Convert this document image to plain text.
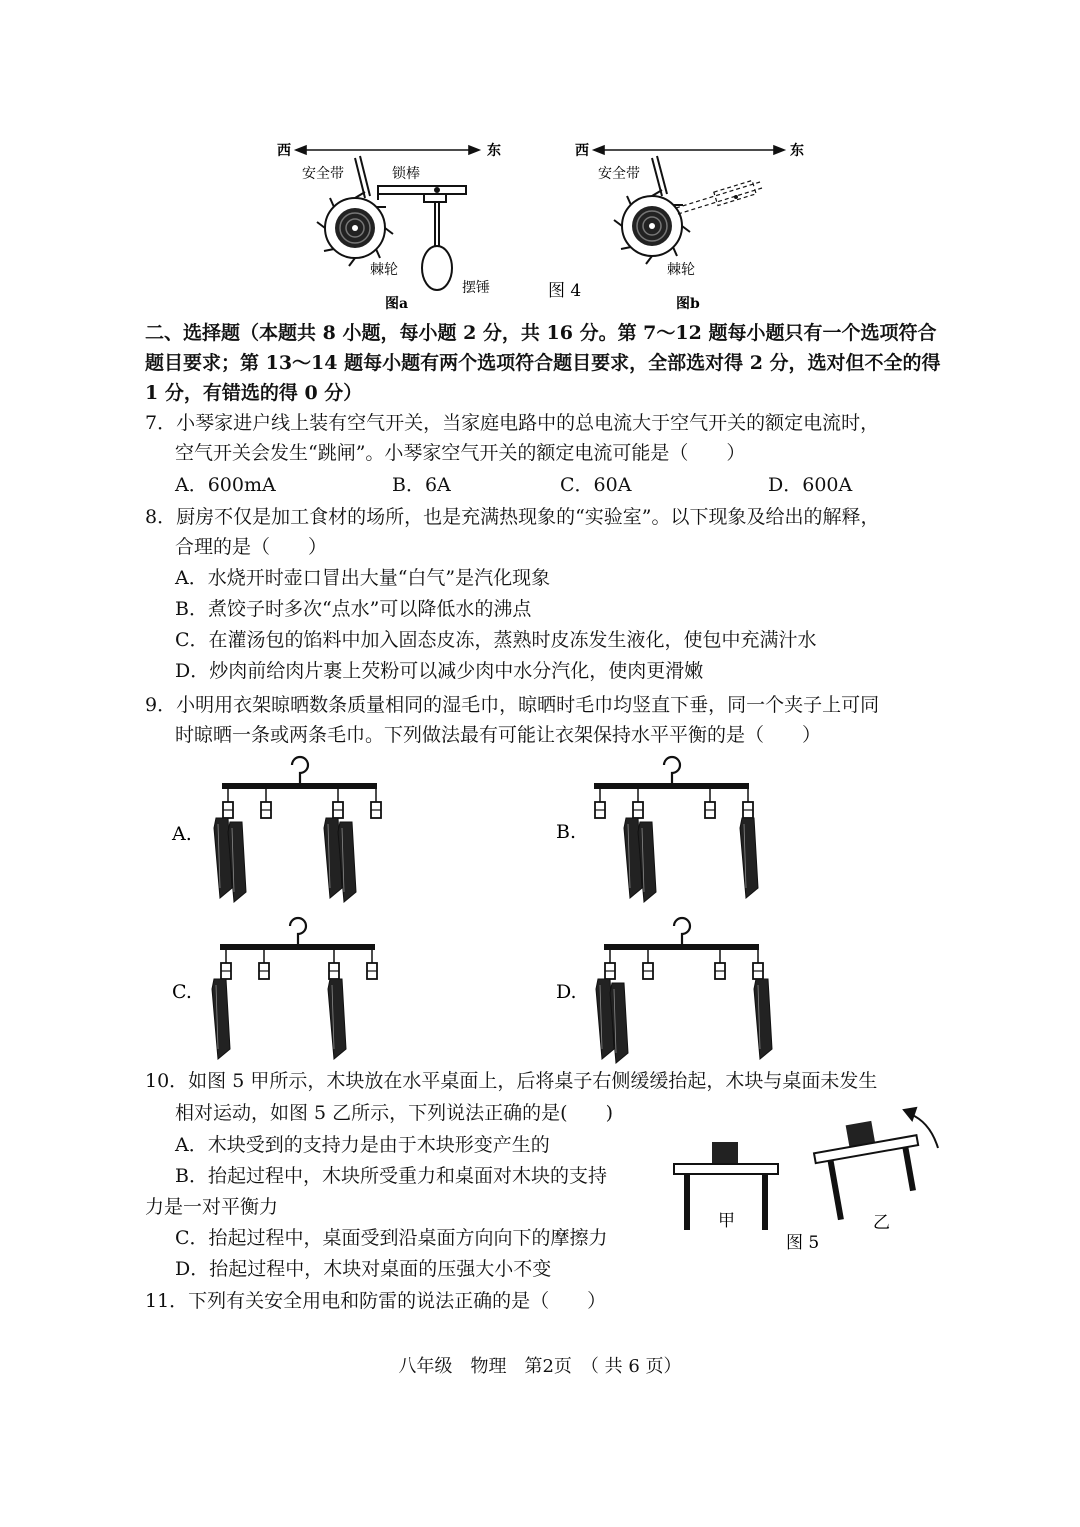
西	东
安全带	锁棒
棘轮
摆锤
图a
西	东
安全带
棘轮
图 4
图b
二、选择题（本题共 8 小题，每小题 2 分，共 16 分。第 7～12 题每小题只有一个选项符合题目要求；第 13～14 题每小题有两个选项符合题目要求，全部选对得 2 分，选对但不全的得 1 分，有错选的得 0 分）
7．小琴家进户线上装有空气开关，当家庭电路中的总电流大于空气开关的额定电流时，
空气开关会发生“跳闸”。小琴家空气开关的额定电流可能是（　　）
A．600mA	B．6A	C．60A	D．600A
8．厨房不仅是加工食材的场所，也是充满热现象的“实验室”。以下现象及给出的解释，
合理的是（　　）
A．水烧开时壶口冒出大量“白气”是汽化现象
B．煮饺子时多次“点水”可以降低水的沸点
C．在灌汤包的馅料中加入固态皮冻，蒸熟时皮冻发生液化，使包中充满汁水
D．炒肉前给肉片裹上芡粉可以减少肉中水分汽化，使肉更滑嫩
9．小明用衣架晾晒数条质量相同的湿毛巾，晾晒时毛巾均竖直下垂，同一个夹子上可同
时晾晒一条或两条毛巾。下列做法最有可能让衣架保持水平平衡的是（　　）
A.	B.
C.	D.
10．如图 5 甲所示，木块放在水平桌面上，后将桌子右侧缓缓抬起，木块与桌面未发生
相对运动，如图 5 乙所示，下列说法正确的是(　　)
A．木块受到的支持力是由于木块形变产生的
B．抬起过程中，木块所受重力和桌面对木块的支持
力是一对平衡力
C．抬起过程中，桌面受到沿桌面方向向下的摩擦力
D．抬起过程中，木块对桌面的压强大小不变
甲	乙
图 5
11．下列有关安全用电和防雷的说法正确的是（　　）
八年级　物理　第2页　（ 共 6 页）
